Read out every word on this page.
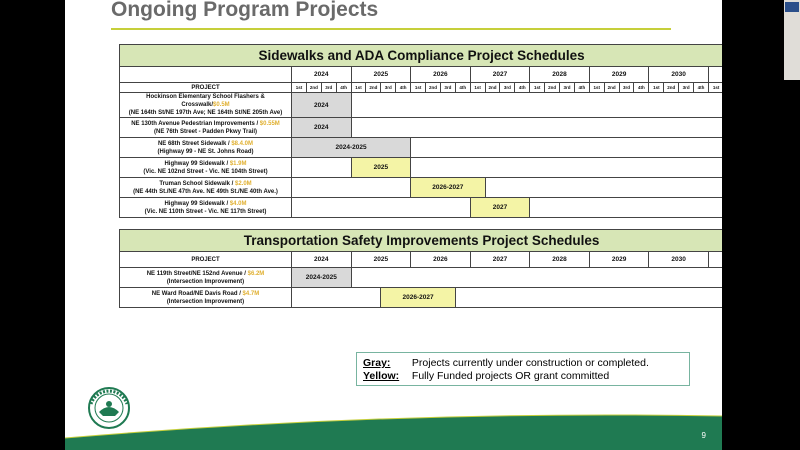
Ongoing Program Projects
Sidewalks and ADA Compliance Project Schedules																													
	2024				2025				2026				2027				2028				2029				2030				
PROJECT	1st	2nd	3rd	4th	1st	2nd	3rd	4th	1st	2nd	3rd	4th	1st	2nd	3rd	4th	1st	2nd	3rd	4th	1st	2nd	3rd	4th	1st	2nd	3rd	4th	1st
Hockinson Elementary School Flashers & Crosswalk/$0.5M
(NE 164th St/NE 197th Ave; NE 164th St/NE 205th Ave)	2024																												
NE 130th Avenue Pedestrian Improvements / $0.55M
(NE 76th Street - Padden Pkwy Trail)	2024																												
NE 68th Street Sidewalk / $8.4.0M
(Highway 99 - NE St. Johns Road)	2024-2025																												
Highway 99 Sidewalk / $1.9M
(Vic. NE 102nd Street - Vic. NE 104th Street)					2025																								
Truman School Sidewalk / $2.0M
(NE 44th St./NE 47th Ave. NE 49th St./NE 40th Ave.)									2026-2027																				
Highway 99 Sidewalk / $4.0M
(Vic. NE 110th Street - Vic. NE 117th Street)													2027																
Transportation Safety Improvements Project Schedules										
PROJECT	2024	2025		2026		2027	2028	2029	2030	
NE 119th Street/NE 152nd Avenue / $6.2M
(Intersection Improvement)	2024-2025									
NE Ward Road/NE Davis Road / $4.7M
(Intersection Improvement)			2026-2027							
Gray: Projects currently under construction or completed.
Yellow: Fully Funded projects OR grant committed
9
